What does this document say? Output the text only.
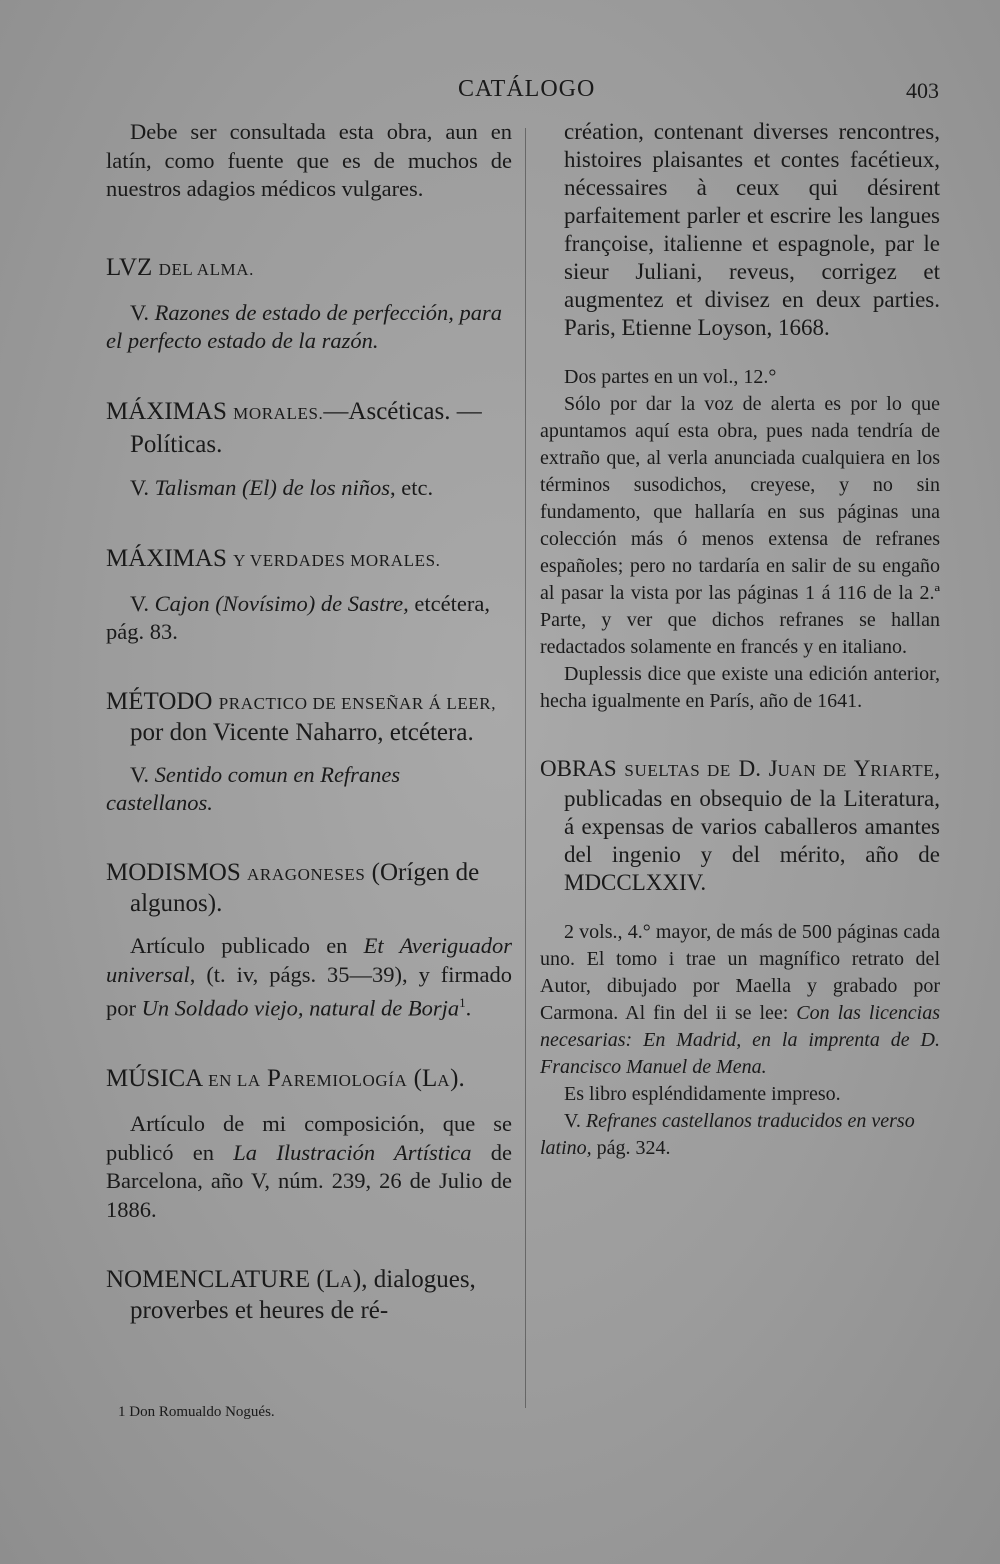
CATÁLOGO	403

Debe ser consultada esta obra, aun en latín, como fuente que es de muchos de nuestros adagios médicos vulgares.

LVZ DEL ALMA.

V. Razones de estado de perfección, para el perfecto estado de la razón.

MÁXIMAS MORALES.—Ascéticas. —Políticas.

V. Talisman (El) de los niños, etc.

MÁXIMAS Y VERDADES MORALES.

V. Cajon (Novísimo) de Sastre, etcétera, pág. 83.

MÉTODO PRACTICO DE ENSEÑAR Á LEER, por don Vicente Naharro, etcétera.

V. Sentido comun en Refranes castellanos.

MODISMOS ARAGONESES (Orígen de algunos).

Artículo publicado en Et Averiguador universal, (t. iv, págs. 35—39), y firmado por Un Soldado viejo, natural de Borja$^1$.

MÚSICA EN LA PAREMIOLOGÍA (LA).

Artículo de mi composición, que se publicó en La Ilustración Artística de Barcelona, año V, núm. 239, 26 de Julio de 1886.

NOMENCLATURE (LA), dialogues, proverbes et heures de ré-

création, contenant diverses rencontres, histoires plaisantes et contes facétieux, nécessaires à ceux qui désirent parfaitement parler et escrire les langues françoise, italienne et espagnole, par le sieur Juliani, reveus, corrigez et augmentez et divisez en deux parties. Paris, Etienne Loyson, 1668.

Dos partes en un vol., 12.°

Sólo por dar la voz de alerta es por lo que apuntamos aquí esta obra, pues nada tendría de extraño que, al verla anunciada cualquiera en los términos susodichos, creyese, y no sin fundamento, que hallaría en sus páginas una colección más ó menos extensa de refranes españoles; pero no tardaría en salir de su engaño al pasar la vista por las páginas 1 á 116 de la 2.ª Parte, y ver que dichos refranes se hallan redactados solamente en francés y en italiano.

Duplessis dice que existe una edición anterior, hecha igualmente en París, año de 1641.

OBRAS SUELTAS DE D. JUAN DE YRIARTE, publicadas en obsequio de la Literatura, á expensas de varios caballeros amantes del ingenio y del mérito, año de MDCCLXXIV.

2 vols., 4.° mayor, de más de 500 páginas cada uno. El tomo i trae un magnífico retrato del Autor, dibujado por Maella y grabado por Carmona. Al fin del ii se lee: Con las licencias necesarias: En Madrid, en la imprenta de D. Francisco Manuel de Mena.

Es libro espléndidamente impreso.

V. Refranes castellanos traducidos en verso latino, pág. 324.

1 Don Romualdo Nogués.
